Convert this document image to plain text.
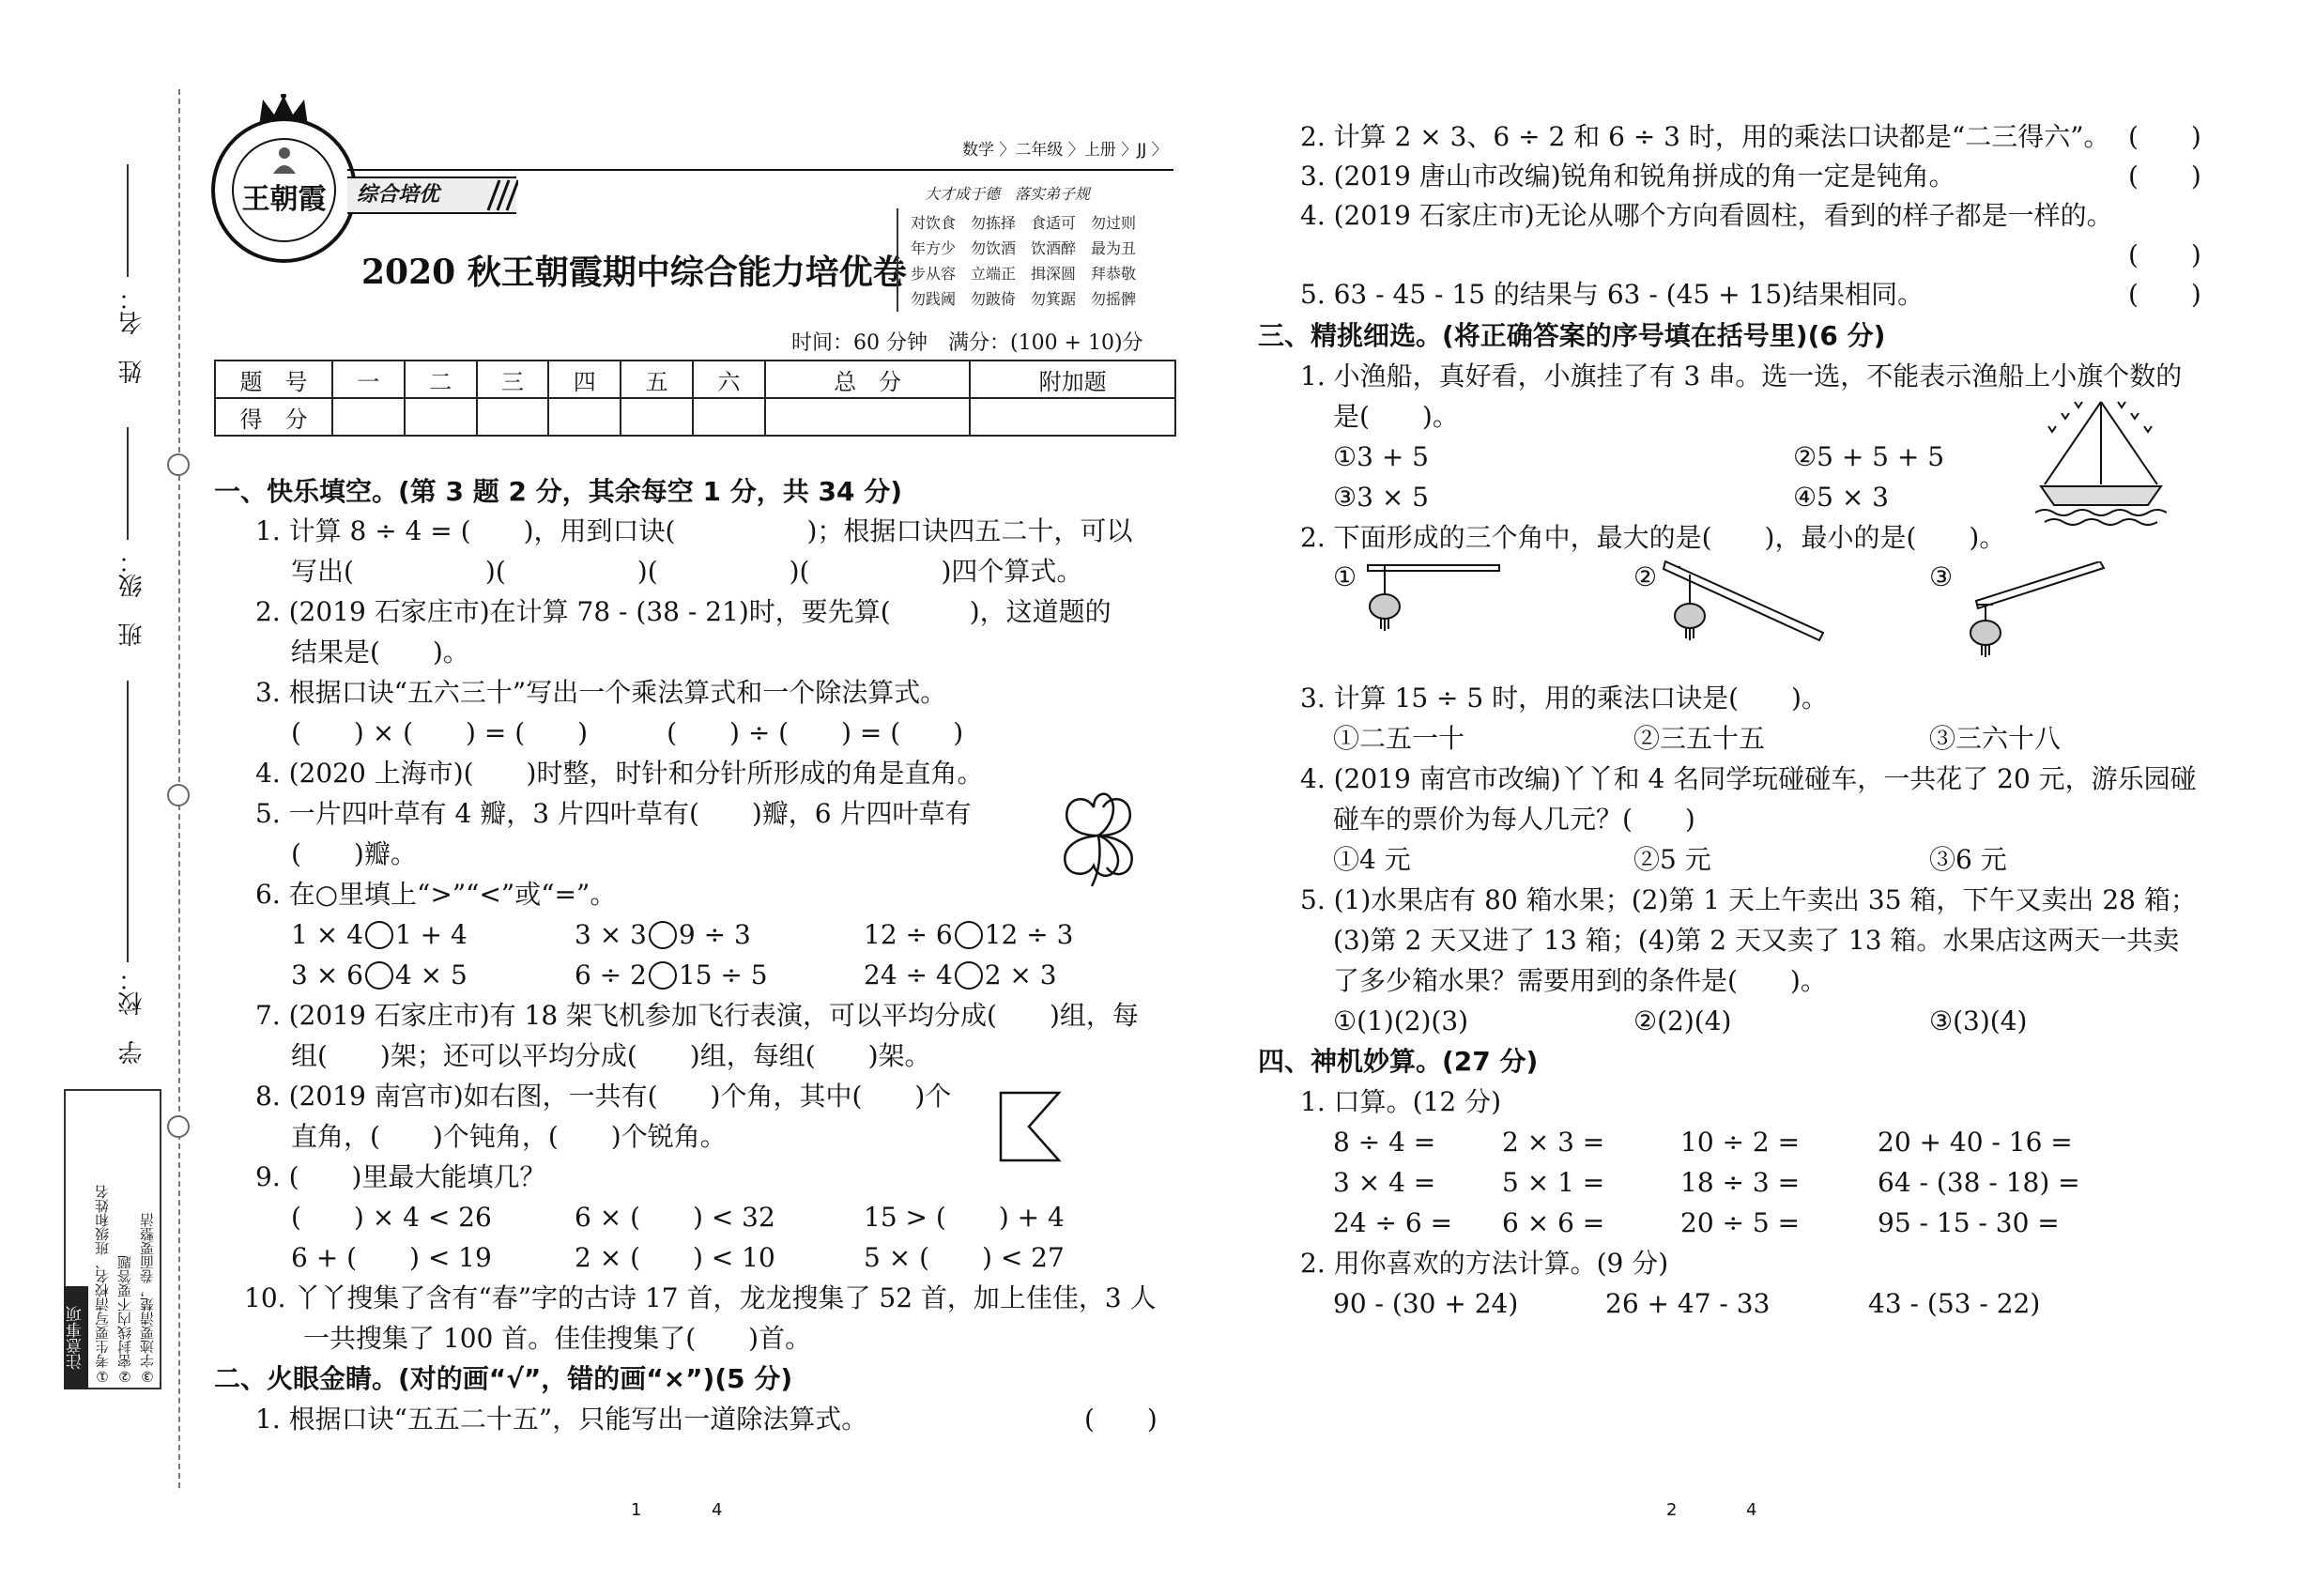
姓　名：
班　级：
学　校：
注意事项 ①考生要写清校名、班级和姓名 ②密封线内不要答题 ③字迹要清楚，卷面要整洁
王朝霞	综合培优
数学 〉二年级 〉上册 〉JJ 〉
2020 秋王朝霞期中综合能力培优卷
大才成于德　落实弟子规
对饮食　勿拣择　食适可　勿过则
年方少　勿饮酒　饮酒醉　最为丑
步从容　立端正　揖深圆　拜恭敬
勿践阈　勿跛倚　勿箕踞　勿摇髀
时间：60 分钟　满分：(100 + 10)分
题　号	一	二	三	四	五	六	总　分	附加题
得　分								
一、快乐填空。(第 3 题 2 分，其余每空 1 分，共 34 分)
1. 计算 8 ÷ 4 = (　　)，用到口诀(　　　　　)；根据口诀四五二十，可以
写出(　　　　　)(　　　　　)(　　　　　)(　　　　　)四个算式。
2. (2019 石家庄市)在计算 78 - (38 - 21)时，要先算(　　　)，这道题的
结果是(　　)。
3. 根据口诀“五六三十”写出一个乘法算式和一个除法算式。
(　　) × (　　) = (　　)　　　(　　) ÷ (　　) = (　　)
4. (2020 上海市)(　　)时整，时针和分针所形成的角是直角。
5. 一片四叶草有 4 瓣，3 片四叶草有(　　)瓣，6 片四叶草有
(　　)瓣。
6. 在○里填上“>”“<”或“=”。
1 × 4 1 + 4	3 × 3 9 ÷ 3	12 ÷ 6 12 ÷ 3
3 × 6 4 × 5	6 ÷ 2 15 ÷ 5	24 ÷ 4 2 × 3
7. (2019 石家庄市)有 18 架飞机参加飞行表演，可以平均分成(　　)组，每
组(　　)架；还可以平均分成(　　)组，每组(　　)架。
8. (2019 南宫市)如右图，一共有(　　)个角，其中(　　)个
直角，(　　)个钝角，(　　)个锐角。
9. (　　)里最大能填几？
(　　) × 4 < 26	6 × (　　) < 32	15 > (　　) + 4
6 + (　　) < 19	2 × (　　) < 10	5 × (　　) < 27
10. 丫丫搜集了含有“春”字的古诗 17 首，龙龙搜集了 52 首，加上佳佳，3 人
一共搜集了 100 首。佳佳搜集了(　　)首。
二、火眼金睛。(对的画“√”，错的画“×”)(5 分)
1. 根据口诀“五五二十五”，只能写出一道除法算式。	(　　)
1	4
2. 计算 2 × 3、6 ÷ 2 和 6 ÷ 3 时，用的乘法口诀都是“二三得六”。 (　　)
3. (2019 唐山市改编)锐角和锐角拼成的角一定是钝角。	(　　)
4. (2019 石家庄市)无论从哪个方向看圆柱，看到的样子都是一样的。
(　　)
5. 63 - 45 - 15 的结果与 63 - (45 + 15)结果相同。	(　　)
三、精挑细选。(将正确答案的序号填在括号里)(6 分)
1. 小渔船，真好看，小旗挂了有 3 串。选一选，不能表示渔船上小旗个数的
是(　　)。
①3 + 5	②5 + 5 + 5
③3 × 5	④5 × 3
2. 下面形成的三个角中，最大的是(　　)，最小的是(　　)。
①	②	③
3. 计算 15 ÷ 5 时，用的乘法口诀是(　　)。
①二五一十	②三五十五	③三六十八
4. (2019 南宫市改编)丫丫和 4 名同学玩碰碰车，一共花了 20 元，游乐园碰
碰车的票价为每人几元？(　　)
①4 元	②5 元	③6 元
5. (1)水果店有 80 箱水果；(2)第 1 天上午卖出 35 箱，下午又卖出 28 箱；
(3)第 2 天又进了 13 箱；(4)第 2 天又卖了 13 箱。水果店这两天一共卖
了多少箱水果？需要用到的条件是(　　)。
①(1)(2)(3)	②(2)(4)	③(3)(4)
四、神机妙算。(27 分)
1. 口算。(12 分)
8 ÷ 4 =	2 × 3 =	10 ÷ 2 =	20 + 40 - 16 =
3 × 4 =	5 × 1 =	18 ÷ 3 =	64 - (38 - 18) =
24 ÷ 6 = 6 × 6 =	20 ÷ 5 =	95 - 15 - 30 =
2. 用你喜欢的方法计算。(9 分)
90 - (30 + 24)	26 + 47 - 33	43 - (53 - 22)
2	4
